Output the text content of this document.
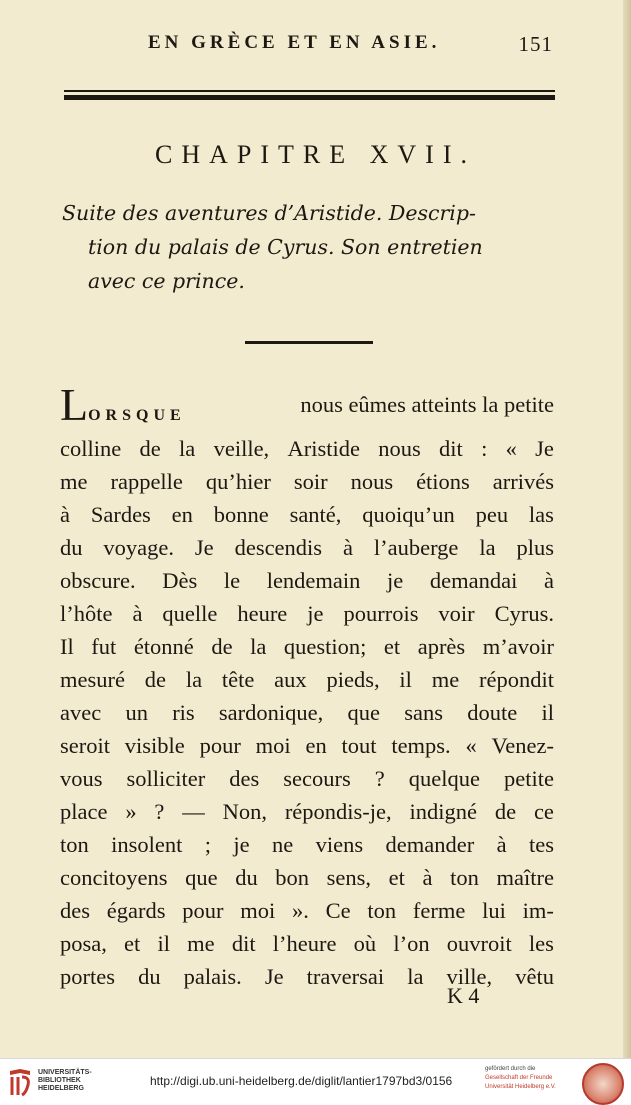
EN GRÈCE ET EN ASIE.	151
CHAPITRE XVII.
Suite des aventures d’Aristide. Descrip-
tion du palais de Cyrus. Son entretien
avec ce prince.
LORSQUE	nous eûmes atteints la petite
colline de la veille, Aristide nous dit : « Je
me rappelle qu’hier soir nous étions arrivés
à Sardes en bonne santé, quoiqu’un peu las
du voyage. Je descendis à l’auberge la plus
obscure. Dès le lendemain je demandai à
l’hôte à quelle heure je pourrois voir Cyrus.
Il fut étonné de la question; et après m’avoir
mesuré de la tête aux pieds, il me répondit
avec un ris sardonique, que sans doute il
seroit visible pour moi en tout temps. « Venez-
vous solliciter des secours ? quelque petite
place » ? — Non, répondis-je, indigné de ce
ton insolent ; je ne viens demander à tes
concitoyens que du bon sens, et à ton maître
des égards pour moi ». Ce ton ferme lui im-
posa, et il me dit l’heure où l’on ouvroit les
portes du palais. Je traversai la ville, vêtu
K 4
UNIVERSITÄTS-
BIBLIOTHEK
HEIDELBERG
http://digi.ub.uni-heidelberg.de/diglit/lantier1797bd3/0156
gefördert durch die
Gesellschaft der Freunde
Universität Heidelberg e.V.
